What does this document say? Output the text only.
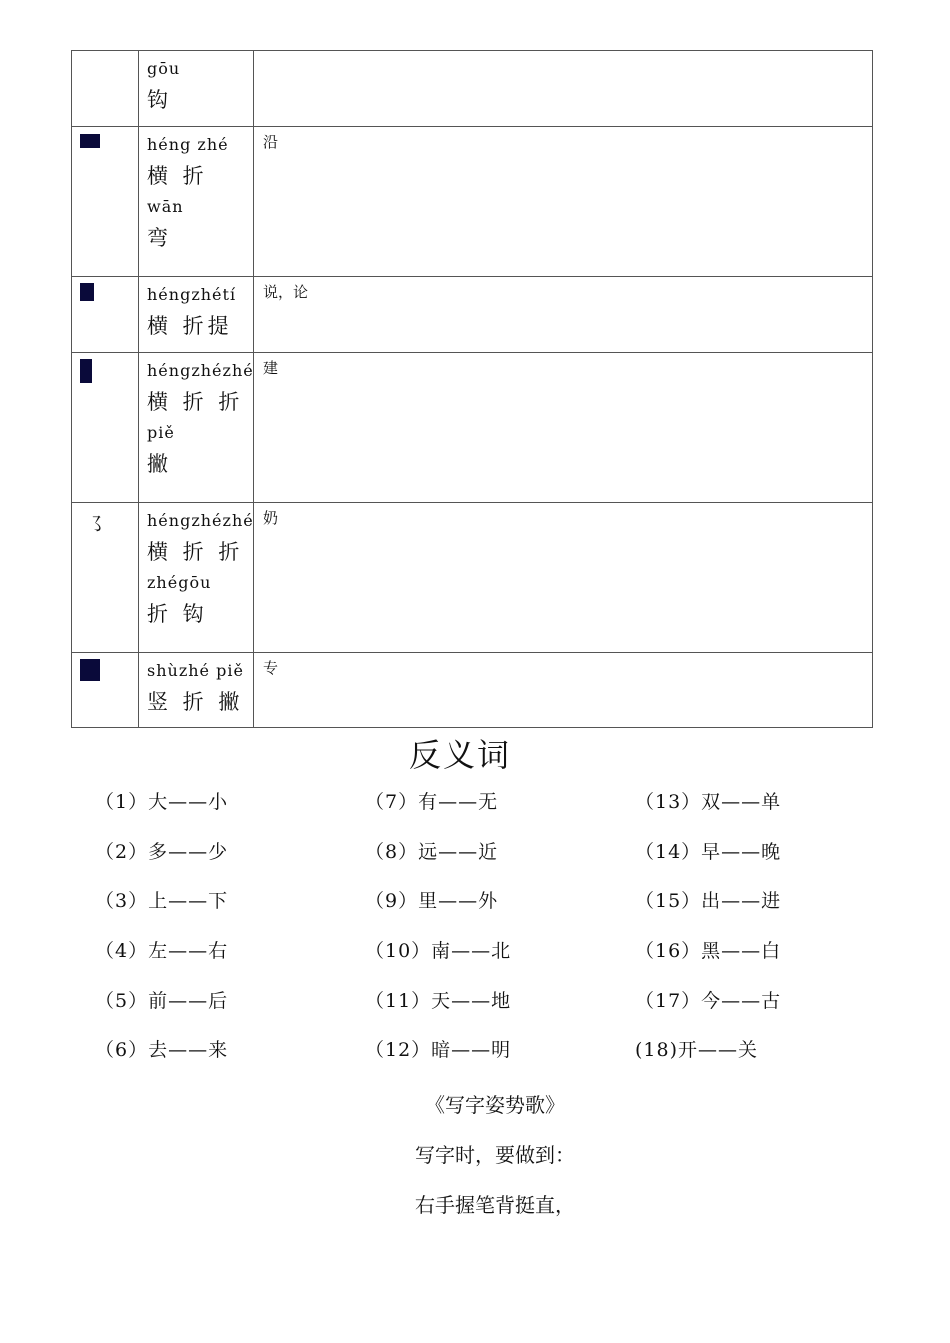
	gōu
钩	

	héng zhé
横 折
wān
弯	沿

	héngzhétí
横 折提	说，论

	héngzhézhé
横 折 折
piě
撇	建

㇌	héngzhézhé
横 折 折
zhégōu
折 钩	奶

	shùzhé piě
竖 折 撇	专
反义词
（1）大——小	（7）有——无	（13）双——单
（2）多——少	（8）远——近	（14）早——晚
（3）上——下	（9）里——外	（15）出——进
（4）左——右	（10）南——北	（16）黑——白
（5）前——后	（11）天——地	（17）今——古
（6）去——来	（12）暗——明	(18)开——关
《写字姿势歌》
写字时，要做到：
右手握笔背挺直，
